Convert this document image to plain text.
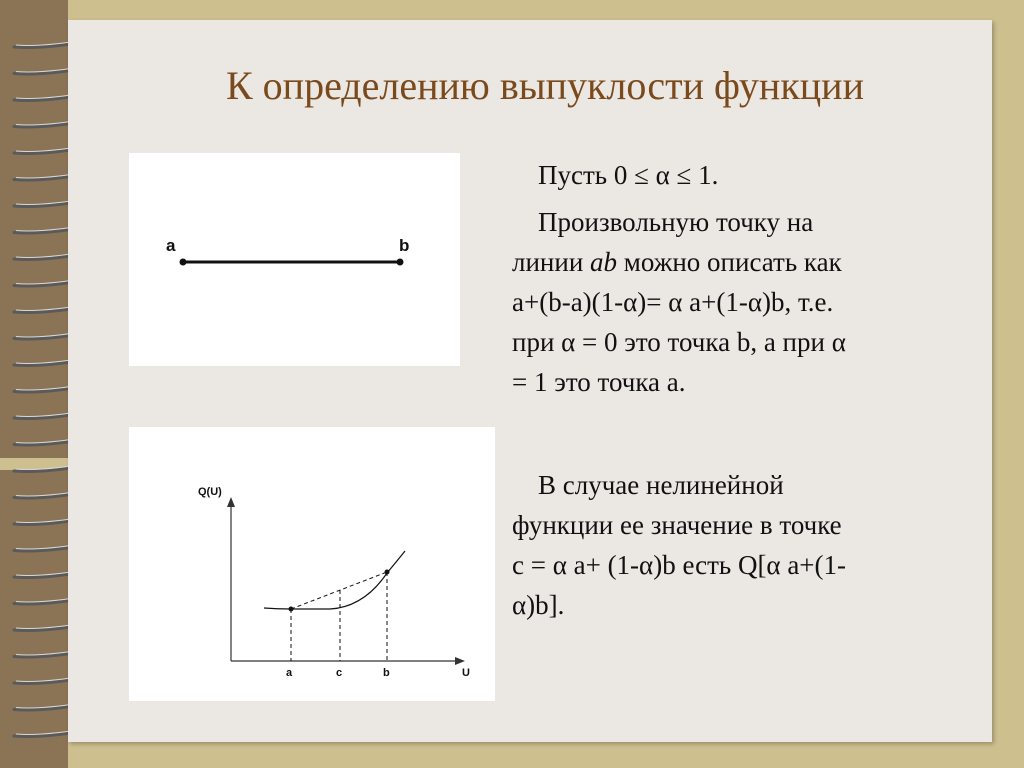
К определению выпуклости функции
a	b
Q(U)
U
a	c	b

Пусть 0 ≤ α ≤ 1.

Произвольную точку на
линии ab можно описать как
a+(b-a)(1-α)= α a+(1-α)b, т.е.
при α = 0 это точка b, а при α
= 1 это точка a.
В случае нелинейной
функции ее значение в точке
c = α a+ (1-α)b есть Q[α a+(1-
α)b].
